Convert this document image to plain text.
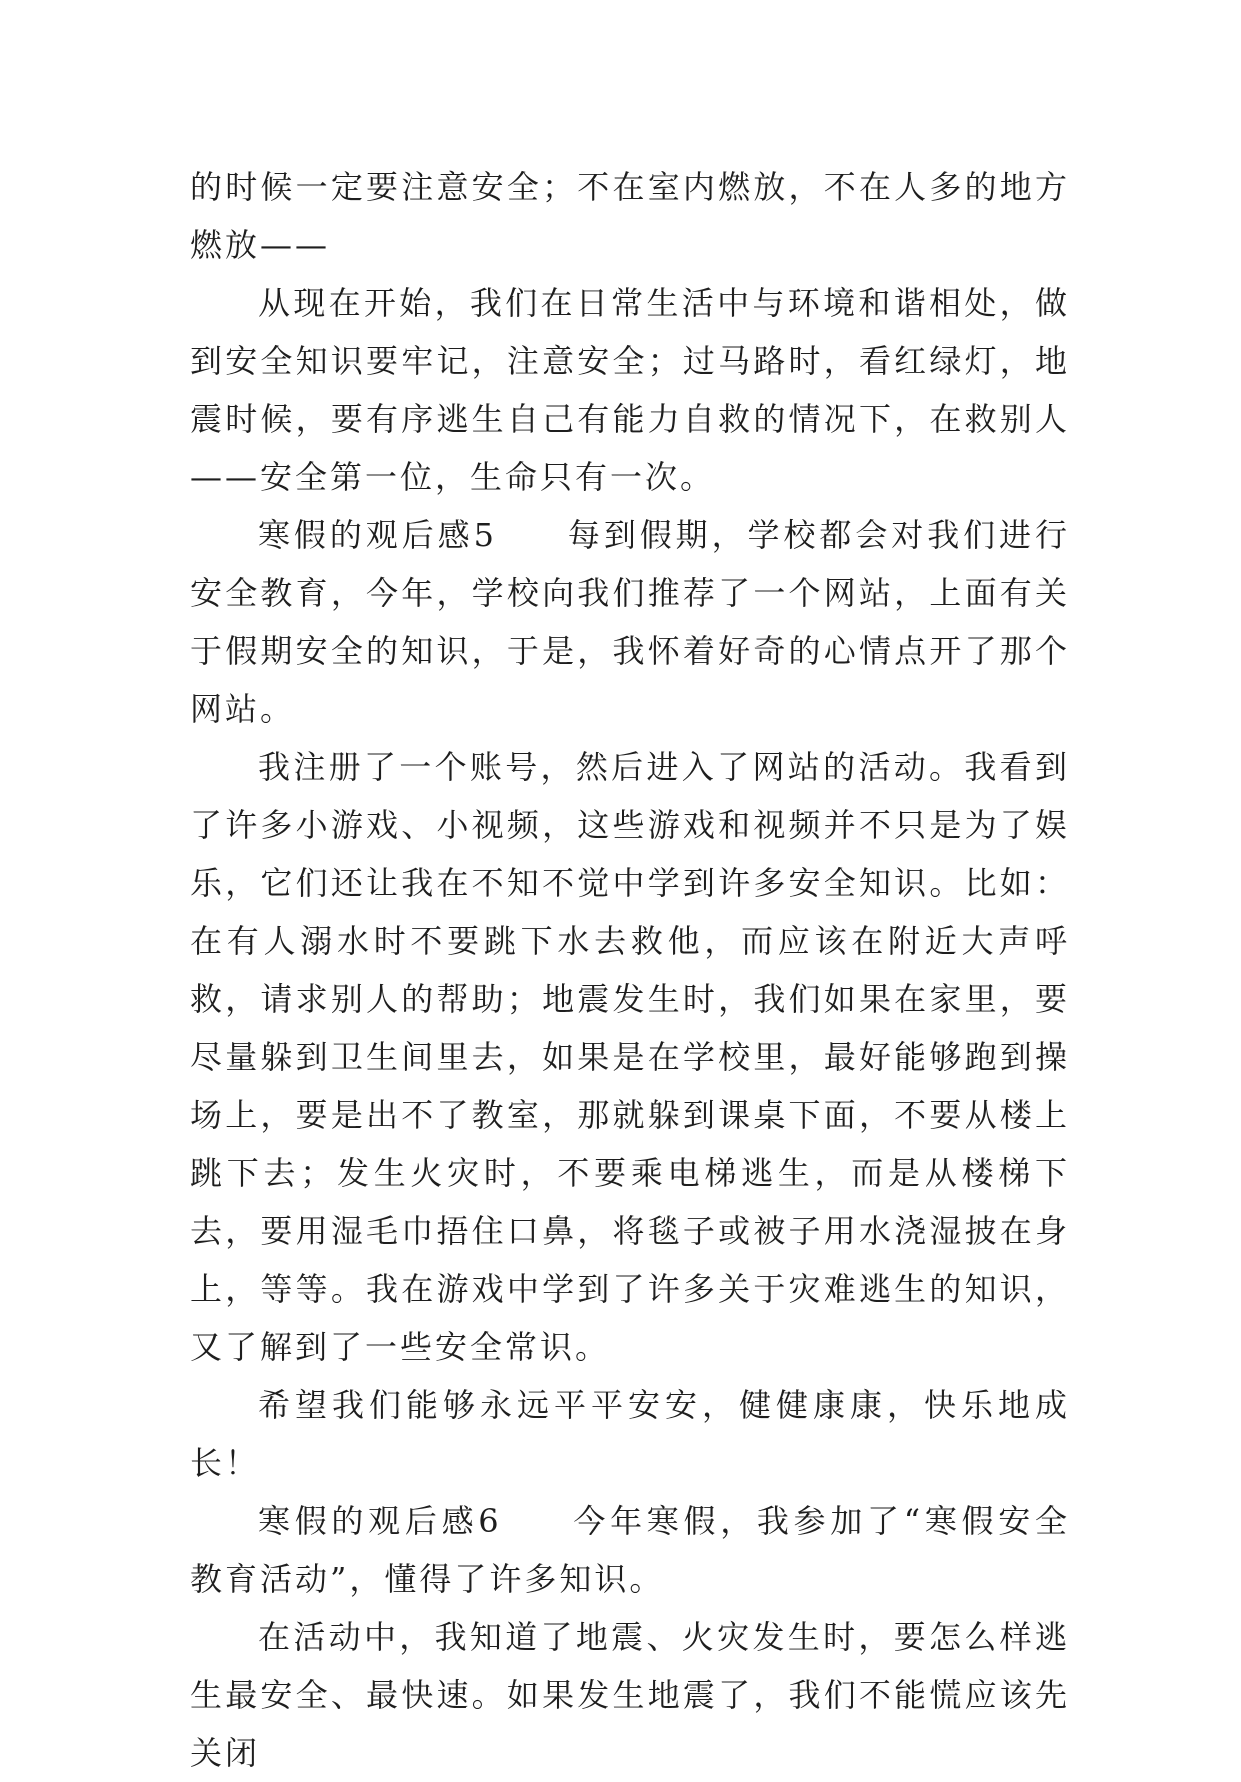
的时候一定要注意安全；不在室内燃放，不在人多的地方燃放——

从现在开始，我们在日常生活中与环境和谐相处，做到安全知识要牢记，注意安全；过马路时，看红绿灯，地震时候，要有序逃生自己有能力自救的情况下，在救别人——安全第一位，生命只有一次。

寒假的观后感5 每到假期，学校都会对我们进行安全教育，今年，学校向我们推荐了一个网站，上面有关于假期安全的知识，于是，我怀着好奇的心情点开了那个网站。

我注册了一个账号，然后进入了网站的活动。我看到了许多小游戏、小视频，这些游戏和视频并不只是为了娱乐，它们还让我在不知不觉中学到许多安全知识。比如：在有人溺水时不要跳下水去救他，而应该在附近大声呼救，请求别人的帮助；地震发生时，我们如果在家里，要尽量躲到卫生间里去，如果是在学校里，最好能够跑到操场上，要是出不了教室，那就躲到课桌下面，不要从楼上跳下去；发生火灾时，不要乘电梯逃生，而是从楼梯下去，要用湿毛巾捂住口鼻，将毯子或被子用水浇湿披在身上，等等。我在游戏中学到了许多关于灾难逃生的知识，又了解到了一些安全常识。

希望我们能够永远平平安安，健健康康，快乐地成长！

寒假的观后感6 今年寒假，我参加了“寒假安全教育活动”，懂得了许多知识。

在活动中，我知道了地震、火灾发生时，要怎么样逃生最安全、最快速。如果发生地震了，我们不能慌应该先关闭
